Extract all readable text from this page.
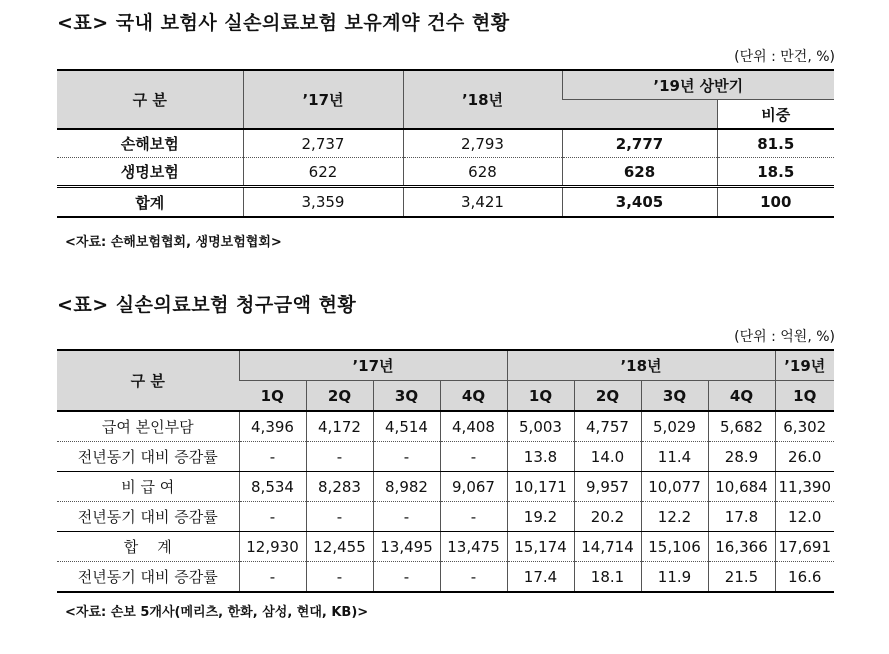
<표> 국내 보험사 실손의료보험 보유계약 건수 현황
(단위 : 만건, %)
구 분	’17년	’18년	’19년 상반기	
				비중
손해보험	2,737	2,793	2,777	81.5
생명보험	622	628	628	18.5
합계	3,359	3,421	3,405	100
<자료: 손해보험협회, 생명보험협회>
<표> 실손의료보험 청구금액 현황
(단위 : 억원, %)
구 분	’17년				’18년				’19년
	1Q	2Q	3Q	4Q	1Q	2Q	3Q	4Q	1Q
급여 본인부담	4,396	4,172	4,514	4,408	5,003	4,757	5,029	5,682	6,302
전년동기 대비 증감률	-	-	-	-	13.8	14.0	11.4	28.9	26.0
비 급 여	8,534	8,283	8,982	9,067	10,171	9,957	10,077	10,684	11,390
전년동기 대비 증감률	-	-	-	-	19.2	20.2	12.2	17.8	12.0
합    계	12,930	12,455	13,495	13,475	15,174	14,714	15,106	16,366	17,691
전년동기 대비 증감률	-	-	-	-	17.4	18.1	11.9	21.5	16.6
<자료: 손보 5개사(메리츠, 한화, 삼성, 현대, KB)>
